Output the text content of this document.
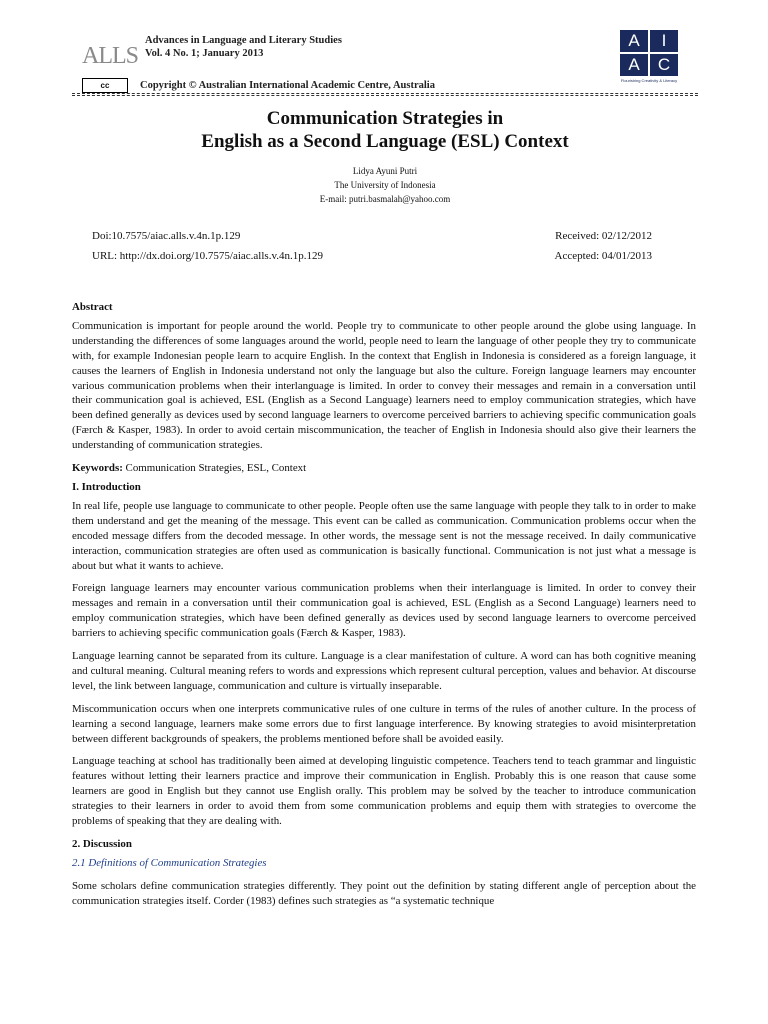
ALLS
Advances in Language and Literary Studies
Vol. 4 No. 1; January 2013
cc	Copyright © Australian International Academic Centre, Australia
A	I
A	C
Flourishing Creativity & Literacy
Communication Strategies in
English as a Second Language (ESL) Context
Lidya Ayuni Putri
The University of Indonesia
E-mail: putri.basmalah@yahoo.com
Doi:10.7575/aiac.alls.v.4n.1p.129	Received: 02/12/2012
URL: http://dx.doi.org/10.7575/aiac.alls.v.4n.1p.129	Accepted: 04/01/2013
Abstract

Communication is important for people around the world. People try to communicate to other people around the globe using language. In understanding the differences of some languages around the world, people need to learn the language of other people they try to communicate with, for example Indonesian people learn to acquire English. In the context that English in Indonesia is considered as a foreign language, it causes the learners of English in Indonesia understand not only the language but also the culture. Foreign language learners may encounter various communication problems when their interlanguage is limited. In order to convey their messages and remain in a conversation until their communication goal is achieved, ESL (English as a Second Language) learners need to employ communication strategies, which have been defined generally as devices used by second language learners to overcome perceived barriers to achieving specific communication goals (Færch & Kasper, 1983). In order to avoid certain miscommunication, the teacher of English in Indonesia should also give their learners the understanding of communication strategies.

Keywords: Communication Strategies, ESL, Context

I. Introduction

In real life, people use language to communicate to other people. People often use the same language with people they talk to in order to make them understand and get the meaning of the message. This event can be called as communication. Communication problems occur when the encoded message differs from the decoded message. In other words, the message sent is not the message received. In daily communicative interaction, communication strategies are often used as communication is basically functional. Communication is not just what a message is about but what it wants to achieve.

Foreign language learners may encounter various communication problems when their interlanguage is limited. In order to convey their messages and remain in a conversation until their communication goal is achieved, ESL (English as a Second Language) learners need to employ communication strategies, which have been defined generally as devices used by second language learners to overcome perceived barriers to achieving specific communication goals (Færch & Kasper, 1983).

Language learning cannot be separated from its culture. Language is a clear manifestation of culture. A word can has both cognitive meaning and cultural meaning. Cultural meaning refers to words and expressions which represent cultural perception, values and behavior. At discourse level, the link between language, communication and culture is virtually inseparable.

Miscommunication occurs when one interprets communicative rules of one culture in terms of the rules of another culture. In the process of learning a second language, learners make some errors due to first language interference. By knowing strategies to avoid misinterpretation between different backgrounds of speakers, the problems mentioned before shall be avoided easily.

Language teaching at school has traditionally been aimed at developing linguistic competence. Teachers tend to teach grammar and linguistic features without letting their learners practice and improve their communication in English. Probably this is one reason that cause some learners are good in English but they cannot use English orally. This problem may be solved by the teacher to introduce communication strategies to their learners in order to avoid them from some communication problems and equip them with strategies to overcome the problems of speaking that they are dealing with.

2. Discussion
2.1 Definitions of Communication Strategies

Some scholars define communication strategies differently. They point out the definition by stating different angle of perception about the communication strategies itself. Corder (1983) defines such strategies as “a systematic technique
